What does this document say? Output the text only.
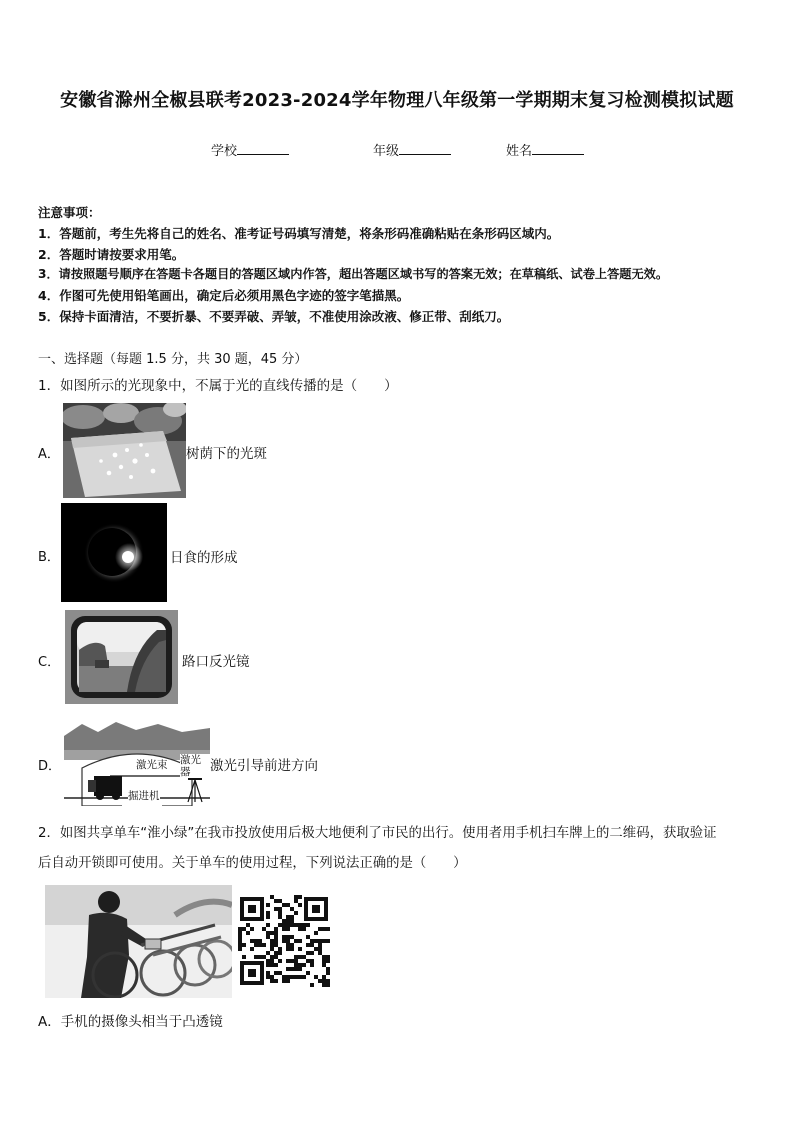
安徽省滁州全椒县联考2023-2024学年物理八年级第一学期期末复习检测模拟试题
学校	年级	姓名
注意事项：
1．答题前，考生先将自己的姓名、准考证号码填写清楚，将条形码准确粘贴在条形码区域内。
2．答题时请按要求用笔。
3．请按照题号顺序在答题卡各题目的答题区域内作答，超出答题区域书写的答案无效；在草稿纸、试卷上答题无效。
4．作图可先使用铅笔画出，确定后必须用黑色字迹的签字笔描黑。
5．保持卡面清洁，不要折暴、不要弄破、弄皱，不准使用涂改液、修正带、刮纸刀。
一、选择题（每题 1.5 分，共 30 题，45 分）
1．如图所示的光现象中，不属于光的直线传播的是（　　）
A．	树荫下的光斑
B．	日食的形成
C．	路口反光镜
D．	激光束 激光器
掘进机
激光引导前进方向
2．如图共享单车“淮小绿”在我市投放使用后极大地便利了市民的出行。使用者用手机扫车牌上的二维码，获取验证
后自动开锁即可使用。关于单车的使用过程，下列说法正确的是（　　）
A．手机的摄像头相当于凸透镜
